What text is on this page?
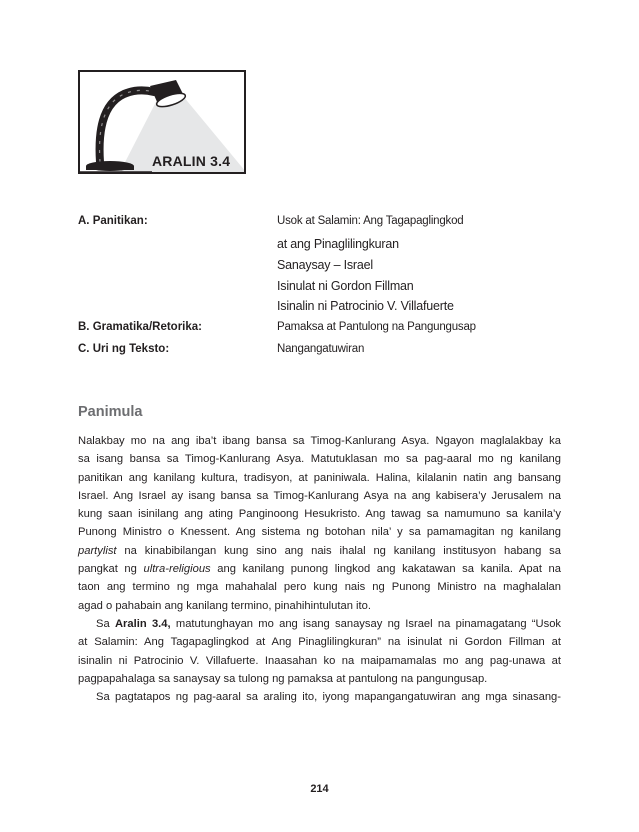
ARALIN 3.4
A. Panitikan:	Usok at Salamin: Ang Tagapaglingkod
at ang Pinaglilingkuran
Sanaysay – Israel
Isinulat ni Gordon Fillman
Isinalin ni Patrocinio V. Villafuerte
B. Gramatika/Retorika:	Pamaksa at Pantulong na Pangungusap
C. Uri ng Teksto:	Nangangatuwiran
Panimula
Nalakbay mo na ang iba’t ibang bansa sa Timog-Kanlurang Asya. Ngayon maglalakbay ka
sa isang bansa sa Timog-Kanlurang Asya. Matutuklasan mo sa pag-aaral mo ng kanilang
panitikan ang kanilang kultura, tradisyon, at paniniwala. Halina, kilalanin natin ang bansang
Israel. Ang Israel ay isang bansa sa Timog-Kanlurang Asya na ang kabisera’y Jerusalem na
kung saan isinilang ang ating Panginoong Hesukristo. Ang tawag sa namumuno sa kanila’y
Punong Ministro o Knessent. Ang sistema ng botohan nila’ y sa pamamagitan ng kanilang
partylist na kinabibilangan kung sino ang nais ihalal ng kanilang institusyon habang sa
pangkat ng ultra-religious ang kanilang punong lingkod ang kakatawan sa kanila. Apat na
taon ang termino ng mga mahahalal pero kung nais ng Punong Ministro na maghalalan
agad o pahabain ang kanilang termino, pinahihintulutan ito.
Sa Aralin 3.4, matutunghayan mo ang isang sanaysay ng Israel na pinamagatang “Usok
at Salamin: Ang Tagapaglingkod at Ang Pinaglilingkuran” na isinulat ni Gordon Fillman at
isinalin ni Patrocinio V. Villafuerte. Inaasahan ko na maipamamalas mo ang pag-unawa at
pagpapahalaga sa sanaysay sa tulong ng pamaksa at pantulong na pangungusap.
Sa pagtatapos ng pag-aaral sa araling ito, iyong mapangangatuwiran ang mga sinasang-
214
